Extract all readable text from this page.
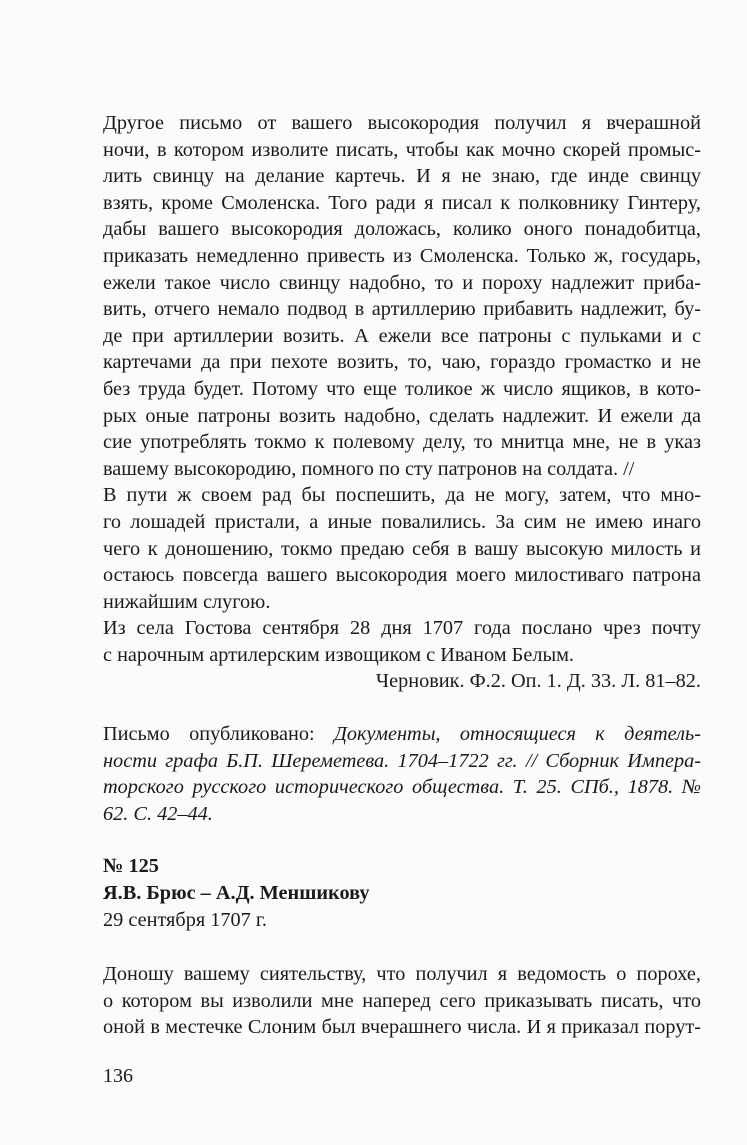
Другое письмо от вашего высокородия получил я вчерашной
ночи, в котором изволите писать, чтобы как мочно скорей промыс-
лить свинцу на делание картечь. И я не знаю, где инде свинцу
взять, кроме Смоленска. Того ради я писал к полковнику Гинтеру,
дабы вашего высокородия доложась, колико оного понадобитца,
приказать немедленно привесть из Смоленска. Только ж, государь,
ежели такое число свинцу надобно, то и пороху надлежит прибa-
вить, отчего немало подвод в артиллерию прибавить надлежит, бу-
де при артиллерии возить. А ежели все патроны с пульками и с
картечами да при пехоте возить, то, чаю, гораздо громастко и не
без труда будет. Потому что еще толикое ж число ящиков, в кото-
рых оные патроны возить надобно, сделать надлежит. И ежели да
сие употреблять токмо к полевому делу, то мнитца мне, не в указ
вашему высокородию, помного по сту патронов на солдата. //
В пути ж своем рад бы поспешить, да не могу, затем, что мно-
го лошадей пристали, а иные повалились. За сим не имею инаго
чего к доношению, токмо предаю себя в вашу высокую милость и
остаюсь повсегда вашего высокородия моего милостиваго патрона
нижайшим слугою.
Из села Гостова сентября 28 дня 1707 года послано чрез почту
с нарочным артилерским извощиком с Иваном Белым.
Черновик. Ф.2. Оп. 1. Д. 33. Л. 81–82.
Письмо опубликовано: Документы, относящиеся к деятель-
ности графа Б.П. Шереметева. 1704–1722 гг. // Сборник Импера-
торского русского исторического общества. Т. 25. СПб., 1878. №
62. С. 42–44.
№ 125
Я.В. Брюс – А.Д. Меншикову
29 сентября 1707 г.
Доношу вашему сиятельству, что получил я ведомость о порохе,
о котором вы изволили мне наперед сего приказывать писать, что
оной в местечке Слоним был вчерашнего числа. И я приказал порут-
136
